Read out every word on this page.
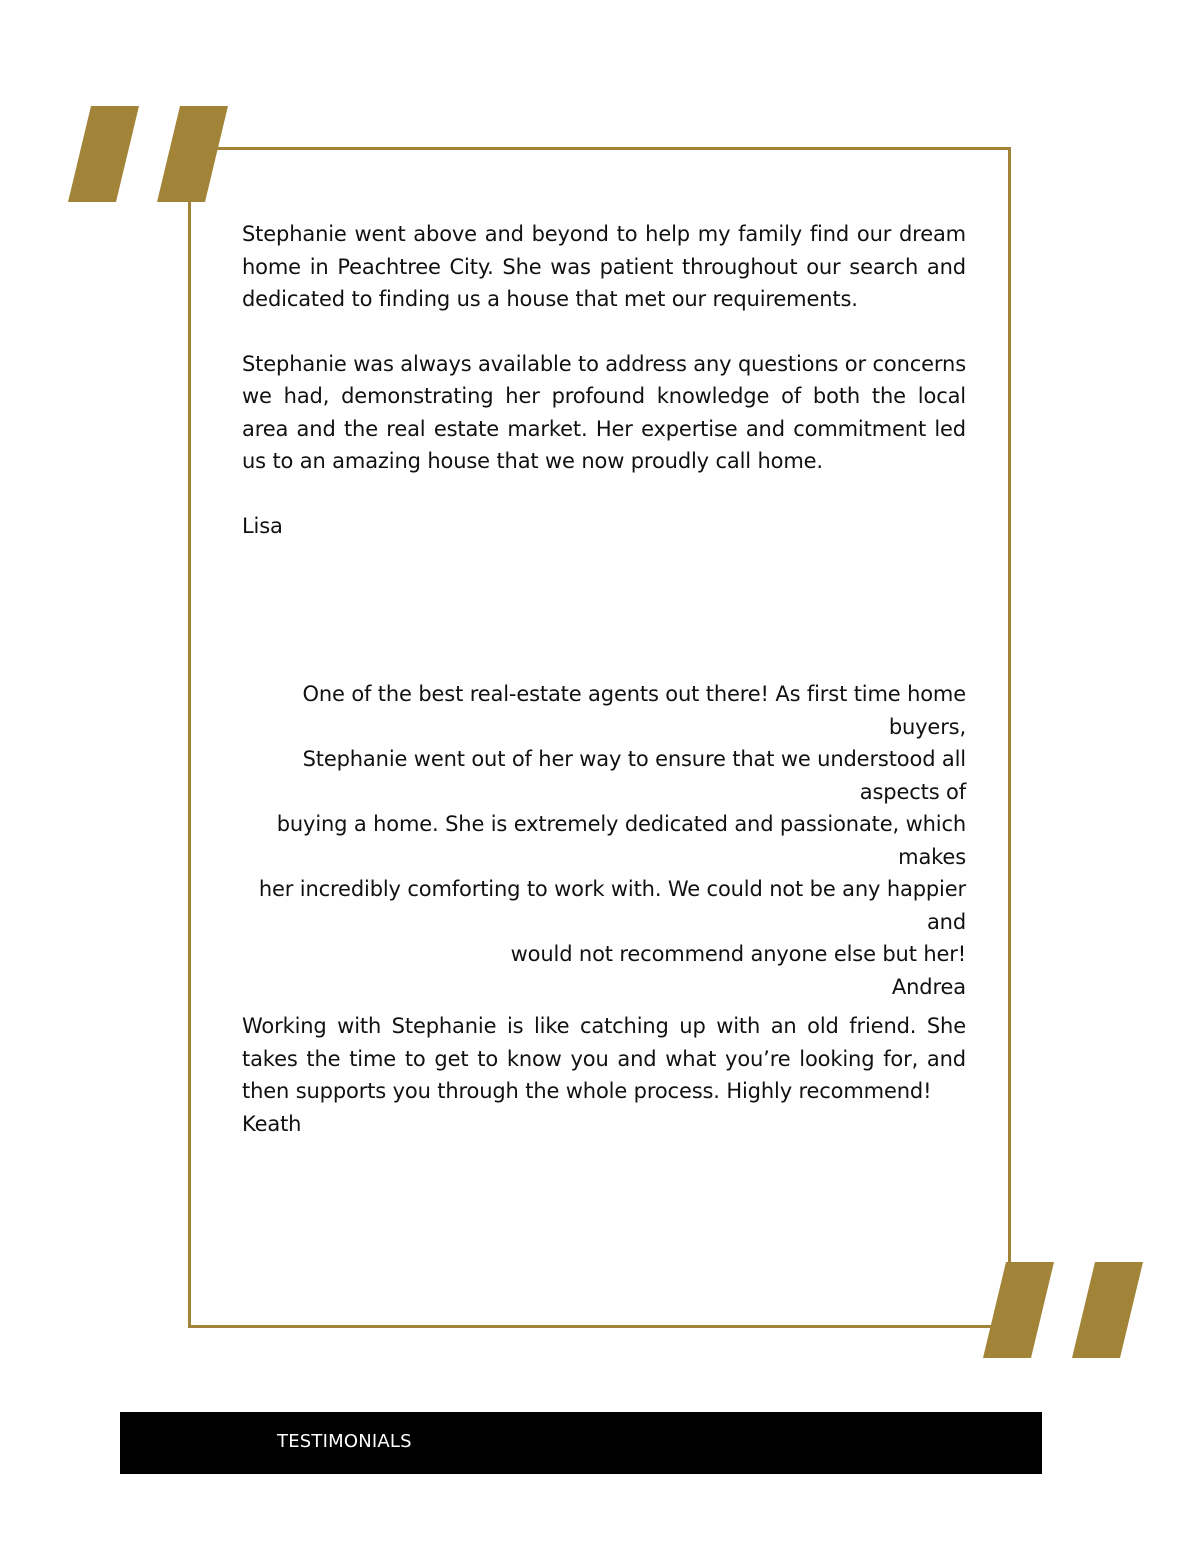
Stephanie went above and beyond to help my family find our dream home in Peachtree City. She was patient throughout our search and dedicated to finding us a house that met our requirements.

Stephanie was always available to address any questions or concerns we had, demonstrating her profound knowledge of both the local area and the real estate market. Her expertise and commitment led us to an amazing house that we now proudly call home.

Lisa

One of the best real-estate agents out there! As first time home buyers,

Stephanie went out of her way to ensure that we understood all aspects of

buying a home. She is extremely dedicated and passionate, which makes

her incredibly comforting to work with. We could not be any happier and

would not recommend anyone else but her!

Andrea

Working with Stephanie is like catching up with an old friend. She takes the time to get to know you and what you’re looking for, and then supports you through the whole process. Highly recommend!

Keath

TESTIMONIALS
